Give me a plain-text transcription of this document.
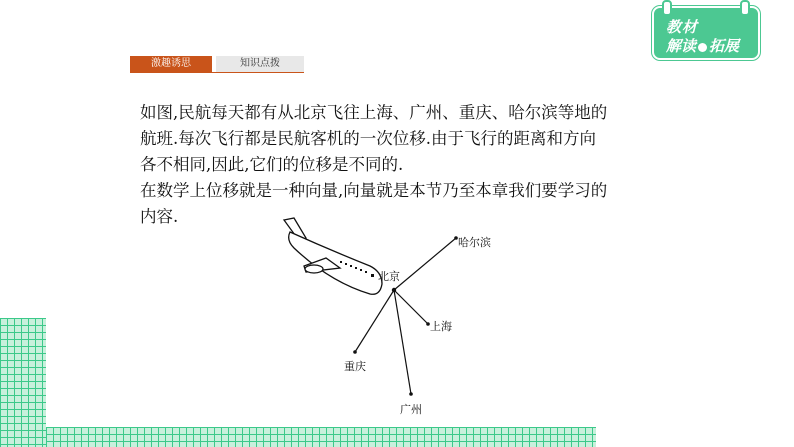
教材
解读 拓展
激趣诱思	知识点拨

如图,民航每天都有从北京飞往上海、广州、重庆、哈尔滨等地的

航班.每次飞行都是民航客机的一次位移.由于飞行的距离和方向

各不相同,因此,它们的位移是不同的.

在数学上位移就是一种向量,向量就是本节乃至本章我们要学习的

内容.

北京
哈尔滨
上海
重庆
广州
